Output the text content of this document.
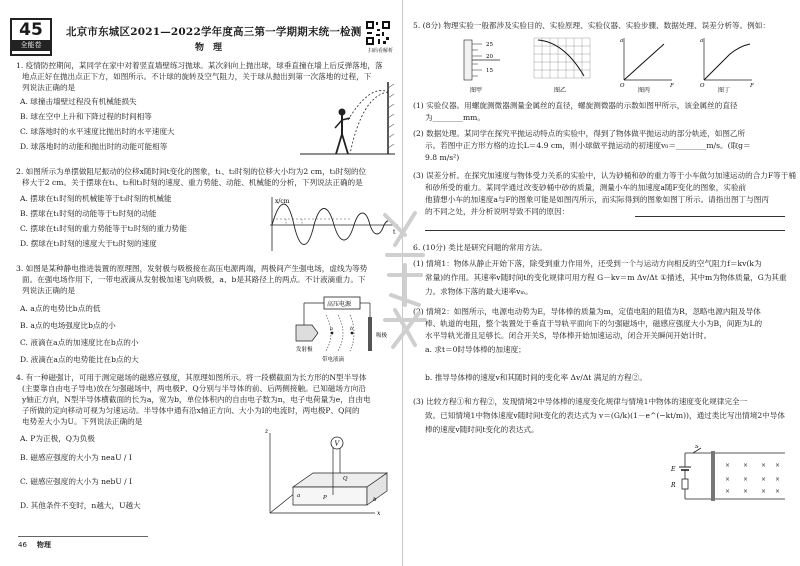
45
全能卷
北京市东城区2021—2022学年度高三第一学期期末统一检测
物　理	扫码看解析
1. 疫情防控期间，某同学在家中对着竖直墙壁练习抛球。某次斜向上抛出球，球垂直撞在墙上后反弹落地，落
地点正好在抛出点正下方，如图所示。不计球的旋转及空气阻力，关于球从抛出到第一次落地的过程，下
列说法正确的是
A. 球撞击墙壁过程没有机械能损失
B. 球在空中上升和下降过程的时间相等
C. 球落地时的水平速度比抛出时的水平速度大
D. 球落地时的动能和抛出时的动能可能相等
2. 如图所示为单摆做阻尼振动的位移x随时间t变化的图象，t₁、t₂时刻的位移大小均为2 cm，t₃时刻的位
移大于2 cm。关于摆球在t₁、t₂和t₃时刻的速度、重力势能、动能、机械能的分析，下列说法正确的是
A. 摆球在t₁时刻的机械能等于t₃时刻的机械能
B. 摆球在t₁时刻的动能等于t₂时刻的动能
C. 摆球在t₁时刻的重力势能等于t₂时刻的重力势能
D. 摆球在t₃时刻的速度大于t₂时刻的速度
x/cm
t
3. 如图是某种静电推进装置的原理图，发射极与吸极接在高压电源两端，两极间产生强电场，虚线为等势
面。在强电场作用下，一带电液滴从发射极加速飞向吸极，a、b是其路径上的两点。不计液滴重力。下
列说法正确的是
A. a点的电势比b点的低
B. a点的电场强度比b点的小
C. 液滴在a点的加速度比在b点的小
D. 液滴在a点的电势能比在b点的大
高压电源
a	b
发射极
吸极
带电液滴
4. 有一种磁强计，可用于测定磁场的磁感应强度，其原理如图所示。将一段横截面为长方形的N型半导体
(主要靠自由电子导电)放在匀强磁场中，两电极P、Q分别与半导体的前、后两侧接触。已知磁场方向沿
y轴正方向，N型半导体横截面的长为a，宽为b，单位体积内的自由电子数为n，电子电荷量为e，自由电
子所做的定向移动可视为匀速运动。半导体中通有沿x轴正方向、大小为I的电流时，两电极P、Q间的
电势差大小为U。下列说法正确的是
A. P为正极，Q为负极
B. 磁感应强度的大小为 neaU / I
C. 磁感应强度的大小为 nebU / I
D. 其他条件不变时，n越大，U越大
x
z
V
P
Q
a
b
46 物理
5. (8分) 物理实验一般都涉及实验目的、实验原理、实验仪器、实验步骤、数据处理、误差分析等。例如：
25
20
15
图甲	图乙
a
F
O
图丙
a
F
O
图丁
(1) 实验仪器。用螺旋测微器测量金属丝的直径，螺旋测微器的示数如图甲所示，该金属丝的直径
为________mm。
(2) 数据处理。某同学在探究平抛运动特点的实验中，得到了物体做平抛运动的部分轨迹，如图乙所
示。若图中正方形方格的边长L＝4.9 cm，则小球做平抛运动的初速度v₀＝________m/s。(取g＝
9.8 m/s²)
(3) 误差分析。在探究加速度与物体受力关系的实验中，认为砂桶和砂的重力等于小车做匀加速运动的合力F等于桶
和砂所受的重力。某同学通过改变砂桶中砂的质量，测量小车的加速度a随F变化的图象，实验前
他猜想小车的加速度a与F的图象可能是如图丙所示，而实际得到的图象如图丁所示。请指出图丁与图丙
的不同之处，并分析说明导致不同的原因：
6. (10分) 类比是研究问题的常用方法。
(1) 情境1：物体从静止开始下落，除受到重力作用外，还受到一个与运动方向相反的空气阻力f＝kv(k为
常量)的作用。其速率v随时间t的变化规律可用方程 G－kv＝m Δv/Δt ①描述，其中m为物体质量，G为其重
力。求物体下落的最大速率vₘ。
(2) 情境2：如图所示，电源电动势为E，导体棒的质量为m，定值电阻的阻值为R，忽略电源内阻及导体
棒、轨道的电阻，整个装置处于垂直于导轨平面向下的匀强磁场中，磁感应强度大小为B，间距为L的
水平导轨光滑且足够长。闭合开关S，导体棒开始加速运动，闭合开关瞬间开始计时。
a. 求t＝0时导体棒的加速度；
b. 推导导体棒的速度v和其随时间的变化率 Δv/Δt 满足的方程②。
(3) 比较方程①和方程②，发现情境2中导体棒的速度变化规律与情境1中物体的速度变化规律完全一
致。已知情境1中物体速度v随时间t变化的表达式为 v＝(G/k)(1－e^(−kt/m))，通过类比写出情境2中导体
棒的速度v随时间t变化的表达式。
E
R
S
× × × ×
× × × ×
× × × ×
